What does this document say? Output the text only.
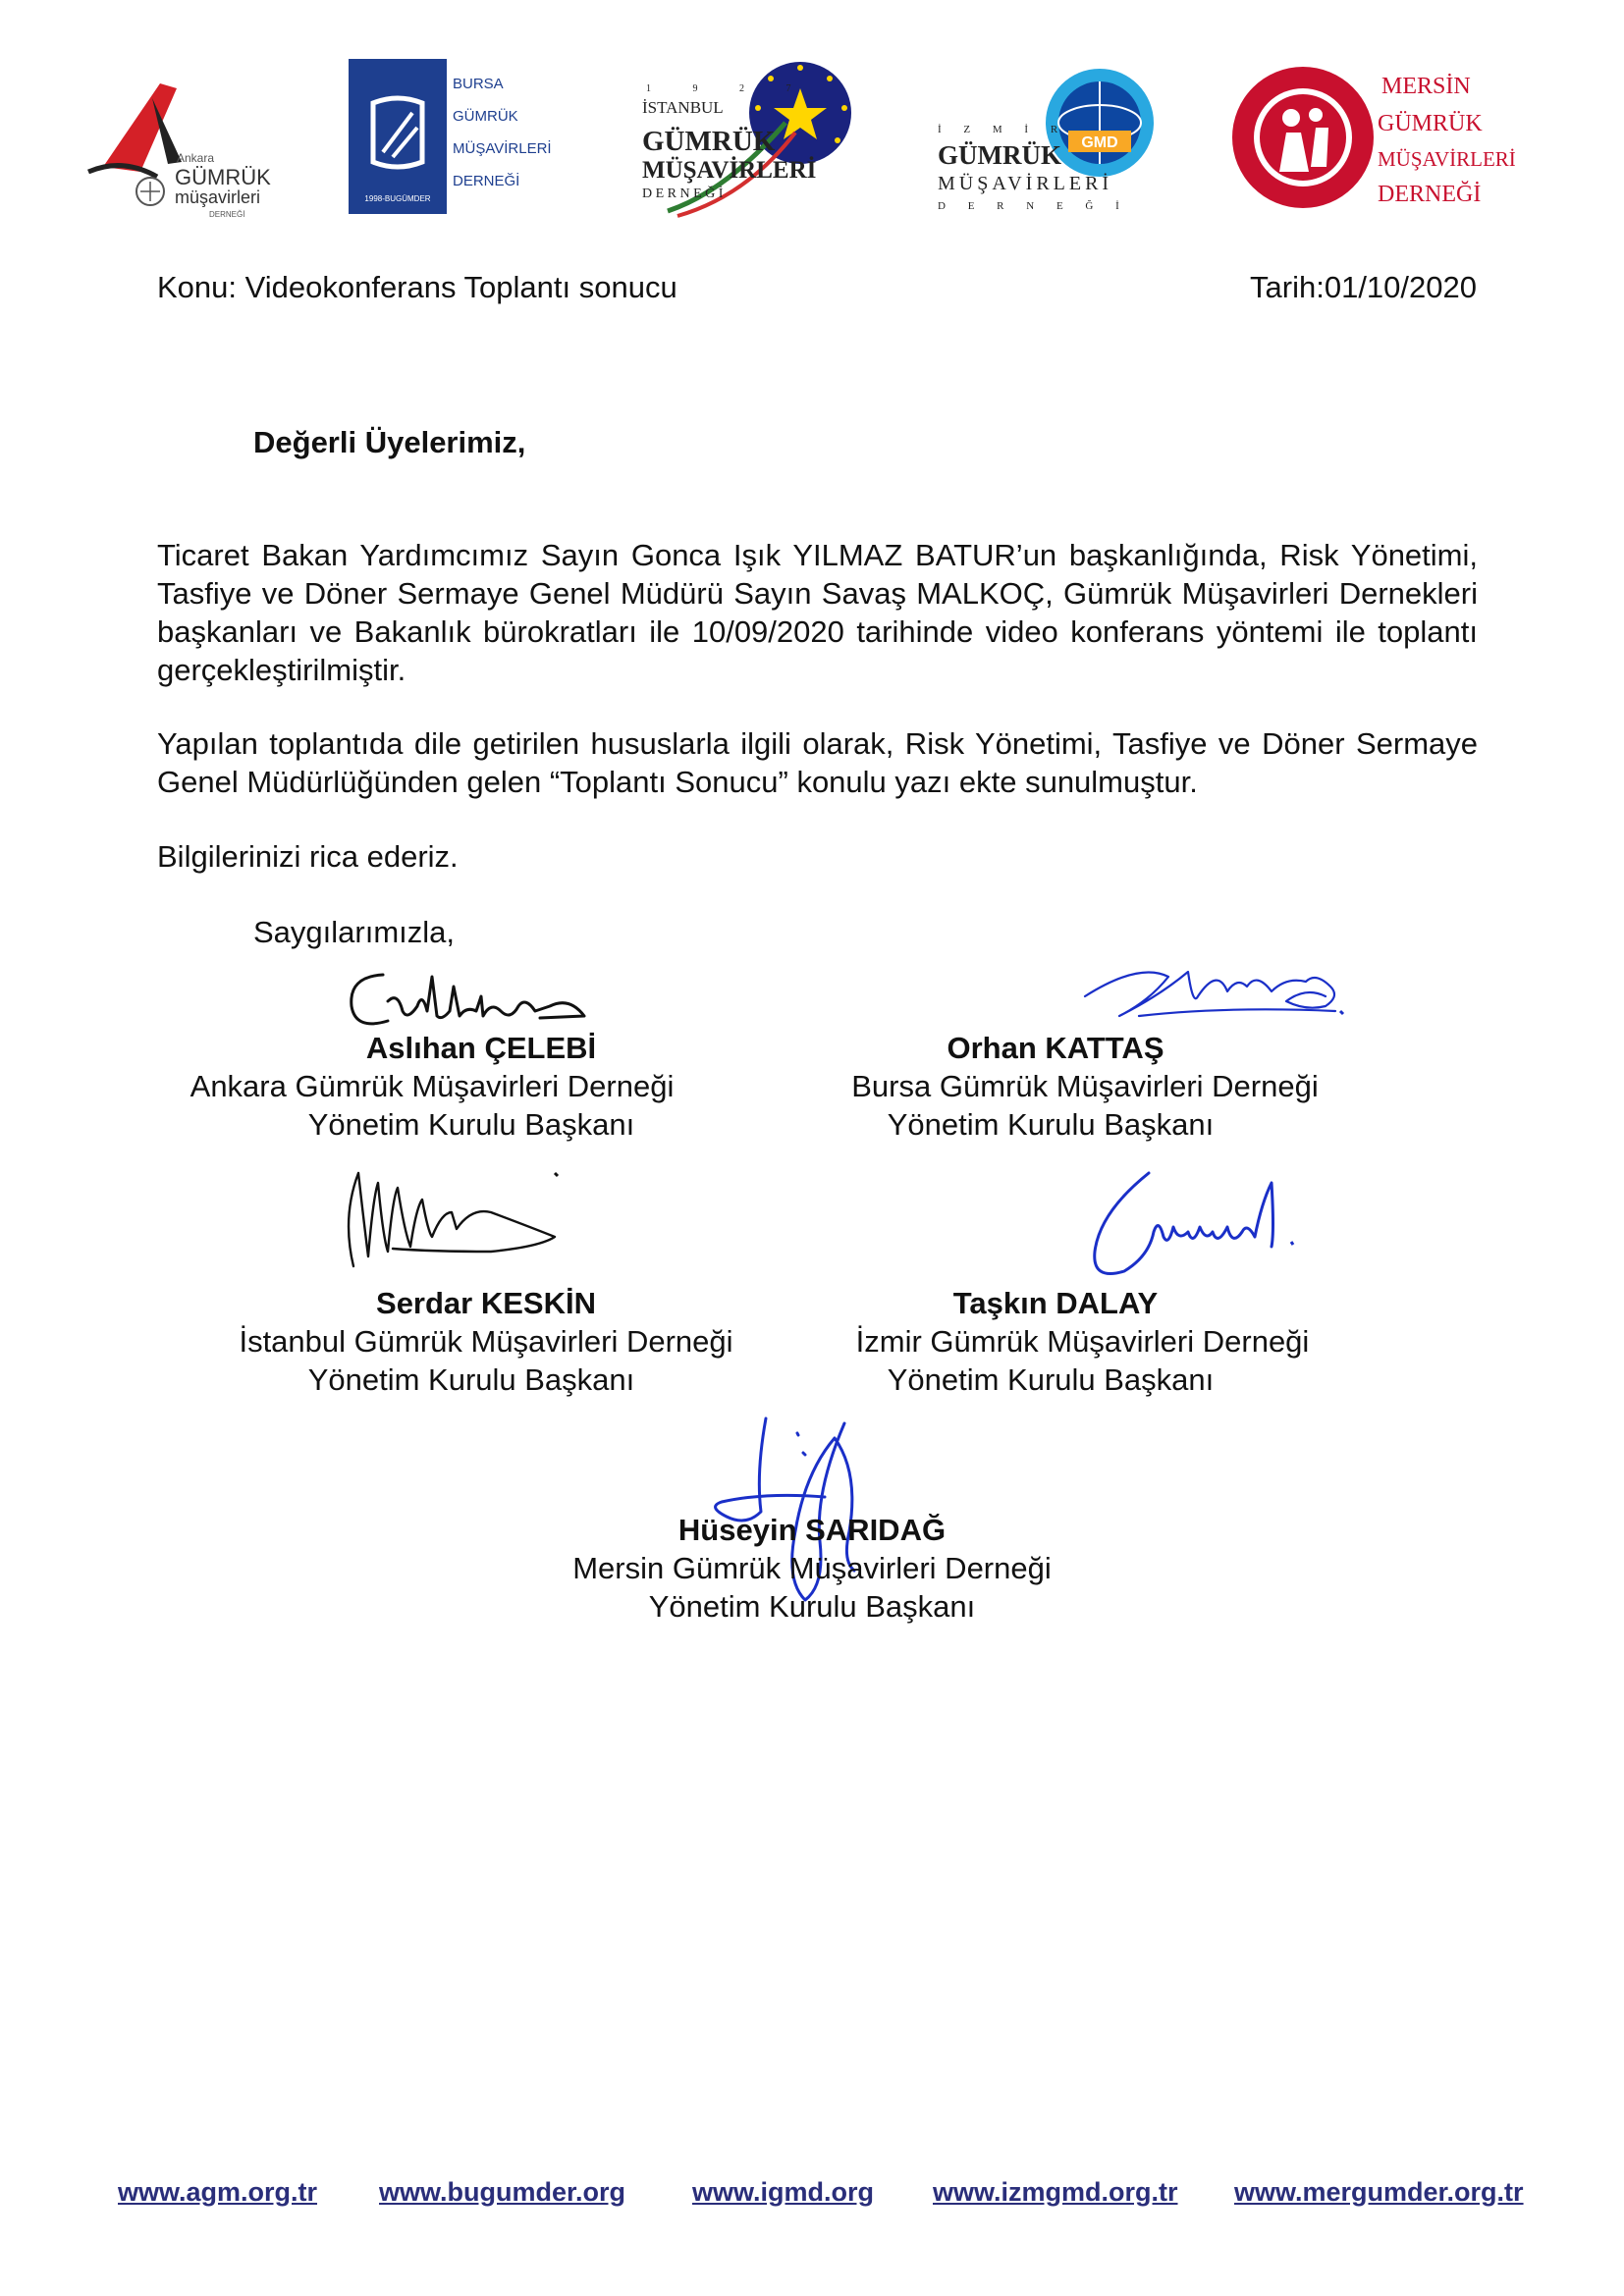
Ankara
GÜMRÜK
müşavirleri
DERNEĞİ
1998-BUGÜMDER
BURSA
GÜMRÜK
MÜŞAVİRLERİ
DERNEĞİ
1 9 2 7
İSTANBUL
GÜMRÜK
MÜŞAVİRLERİ
D E R N E Ğ İ
GMD
İ Z M İ R
GÜMRÜK
MÜŞAVİRLERİ
D E R N E Ğ İ
MERSİN
GÜMRÜK
MÜŞAVİRLERİ
DERNEĞİ
Konu: Videokonferans Toplantı sonucu	Tarih:01/10/2020
Değerli Üyelerimiz,
Ticaret Bakan Yardımcımız Sayın Gonca Işık YILMAZ BATUR’un başkanlığında, Risk Yönetimi, Tasfiye ve Döner Sermaye Genel Müdürü Sayın Savaş MALKOÇ, Gümrük Müşavirleri Dernekleri başkanları ve Bakanlık bürokratları ile 10/09/2020 tarihinde video konferans yöntemi ile toplantı gerçekleştirilmiştir.
Yapılan toplantıda dile getirilen hususlarla ilgili olarak, Risk Yönetimi, Tasfiye ve Döner Sermaye Genel Müdürlüğünden gelen “Toplantı Sonucu” konulu yazı ekte sunulmuştur.
Bilgilerinizi rica ederiz.
Saygılarımızla,
Aslıhan ÇELEBİ
Ankara Gümrük Müşavirleri Derneği
Yönetim Kurulu Başkanı
Orhan KATTAŞ
Bursa Gümrük Müşavirleri Derneği
Yönetim Kurulu Başkanı
Serdar KESKİN
İstanbul Gümrük Müşavirleri Derneği
Yönetim Kurulu Başkanı
Taşkın DALAY
İzmir Gümrük Müşavirleri Derneği
Yönetim Kurulu Başkanı
Hüseyin SARIDAĞ
Mersin Gümrük Müşavirleri Derneği
Yönetim Kurulu Başkanı
www.agm.org.tr www.bugumder.org	www.igmd.org www.izmgmd.org.tr www.mergumder.org.tr
